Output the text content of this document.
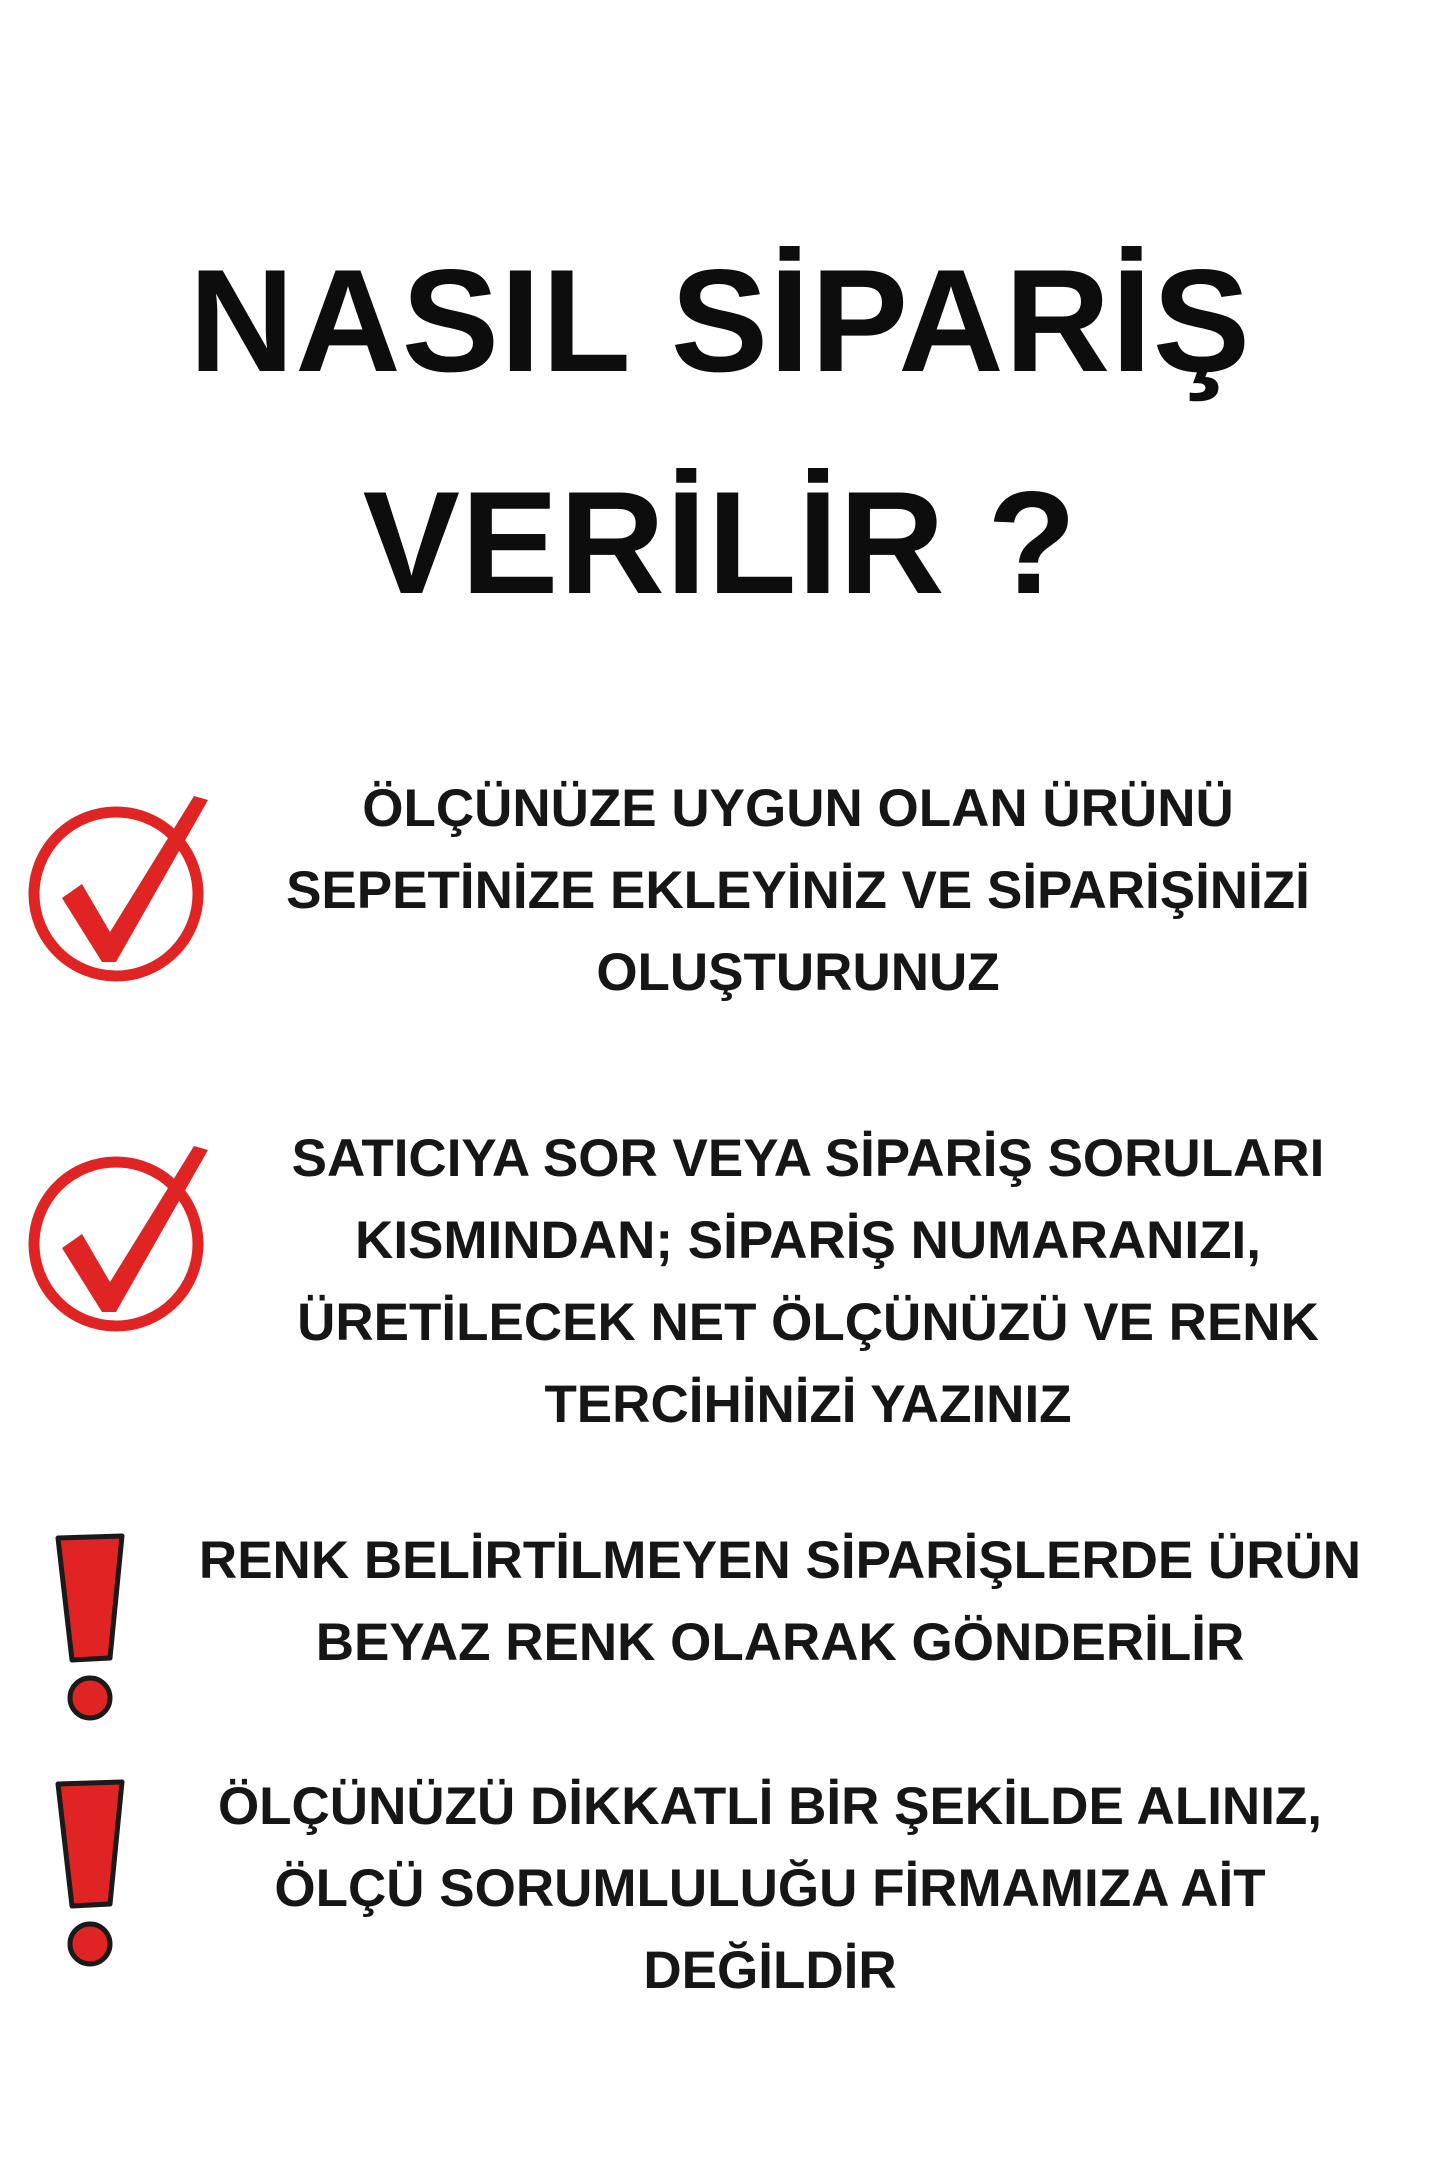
NASIL SİPARİŞ
VERİLİR ?
ÖLÇÜNÜZE UYGUN OLAN ÜRÜNÜ
SEPETİNİZE EKLEYİNİZ VE SİPARİŞİNİZİ
OLUŞTURUNUZ
SATICIYA SOR VEYA SİPARİŞ SORULARI
KISMINDAN; SİPARİŞ NUMARANIZI,
ÜRETİLECEK NET ÖLÇÜNÜZÜ VE RENK
TERCİHİNİZİ YAZINIZ
RENK BELİRTİLMEYEN SİPARİŞLERDE ÜRÜN
BEYAZ RENK OLARAK GÖNDERİLİR
ÖLÇÜNÜZÜ DİKKATLİ BİR ŞEKİLDE ALINIZ,
ÖLÇÜ SORUMLULUĞU FİRMAMIZA AİT
DEĞİLDİR
